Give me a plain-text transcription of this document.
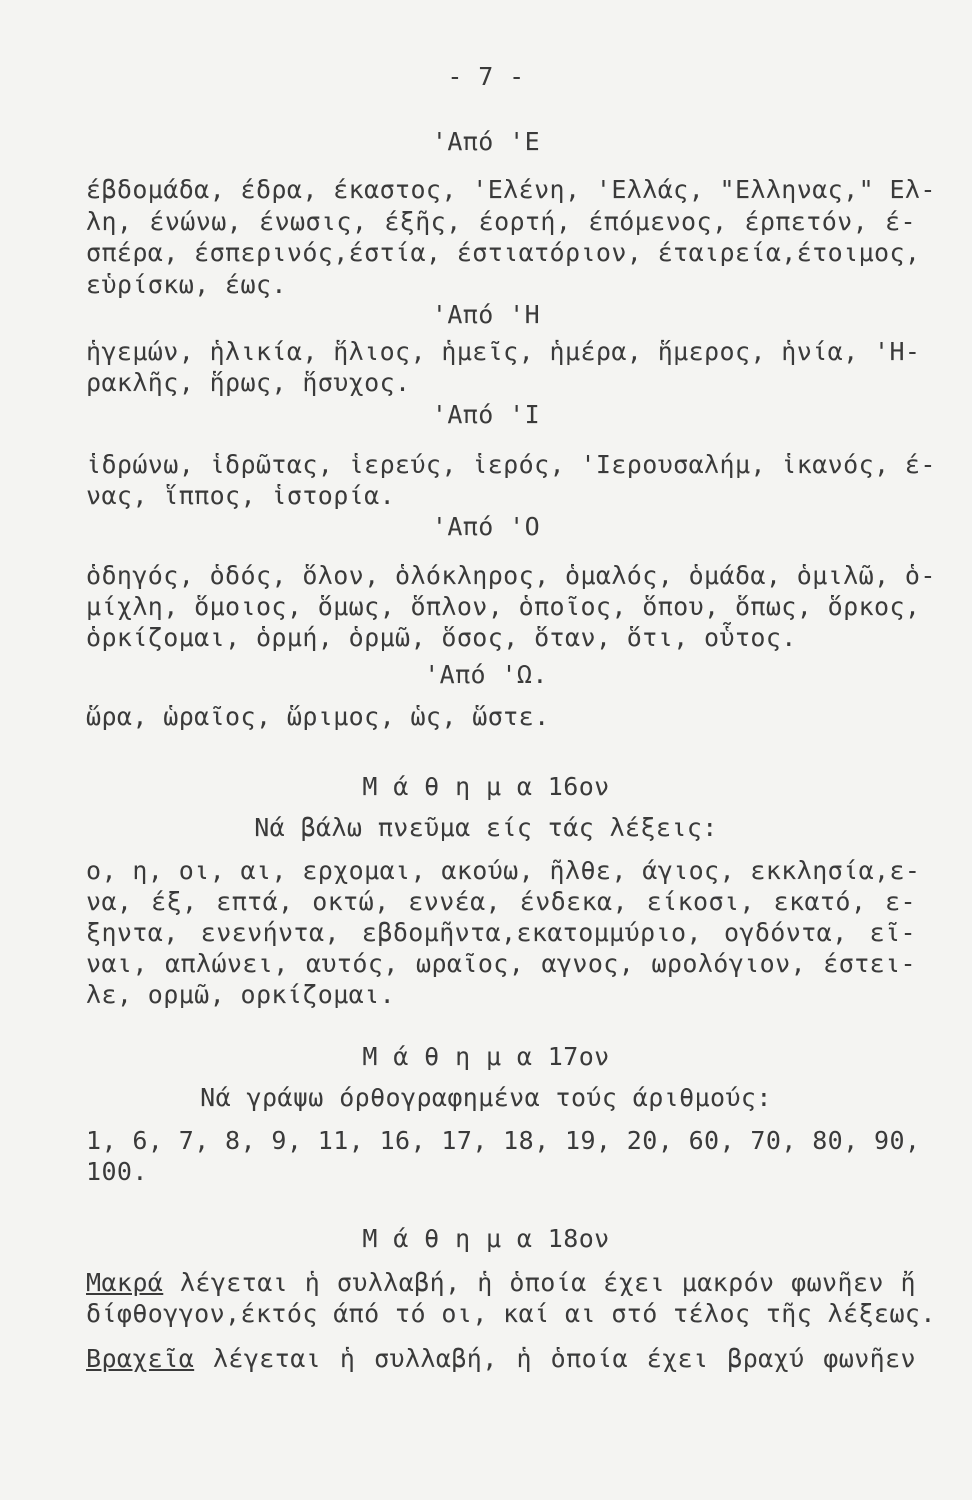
- 7 -
'Από 'Ε
έβδομάδα, έδρα, έκαστος, 'Ελένη, 'Ελλάς, "Ελληνας," Ελ-
λη, ένώνω, ένωσις, έξῆς, έορτή, έπόμενος, έρπετόν, έ-
σπέρα, έσπερινός,έστία, έστιατόριον, έταιρεία,έτοιμος,
εὑρίσκω, έως.
'Από 'Η
ἡγεμών, ἡλικία, ἥλιος, ἡμεῖς, ἡμέρα, ἥμερος, ἡνία, 'Η-
ρακλῆς, ἥρως, ἥσυχος.
'Από 'Ι
ἱδρώνω, ἱδρῶτας, ἱερεύς, ἱερός, 'Ιερουσαλήμ, ἱκανός, έ-
νας, ἵππος, ἱστορία.
'Από 'Ο
ὁδηγός, ὁδός, ὅλον, ὁλόκληρος, ὁμαλός, ὁμάδα, ὁμιλῶ, ὁ-
μίχλη, ὅμοιος, ὅμως, ὅπλον, ὁποῖος, ὅπου, ὅπως, ὅρκος,
ὁρκίζομαι, ὁρμή, ὁρμῶ, ὅσος, ὅταν, ὅτι, οὗτος.
'Από 'Ω.
ὥρα, ὡραῖος, ὥριμος, ὡς, ὥστε.
Μ ά θ η μ α 16ον
Νά βάλω πνεῦμα είς τάς λέξεις:
ο, η, οι, αι, ερχομαι, ακούω, ῆλθε, άγιος, εκκλησία,ε-
να, έξ, επτά, οκτώ, εννέα, ένδεκα, είκοσι, εκατό, ε-
ξηντα, ενενήντα, εβδομῆντα,εκατομμύριο, ογδόντα, εῖ-
ναι, απλώνει, αυτός, ωραῖος, αγνος, ωρολόγιον, έστει-
λε, ορμῶ, ορκίζομαι.
Μ ά θ η μ α 17ον
Νά γράψω όρθογραφημένα τούς άριθμούς:
1, 6, 7, 8, 9, 11, 16, 17, 18, 19, 20, 60, 70, 80, 90,
100.
Μ ά θ η μ α 18ον
Μακρά λέγεται ἡ συλλαβή, ἡ ὁποία έχει μακρόν φωνῆεν ἤ
δίφθογγον,έκτός άπό τό οι, καί αι στό τέλος τῆς λέξεως.
Βραχεῖα λέγεται ἡ συλλαβή, ἡ ὁποία έχει βραχύ φωνῆεν
